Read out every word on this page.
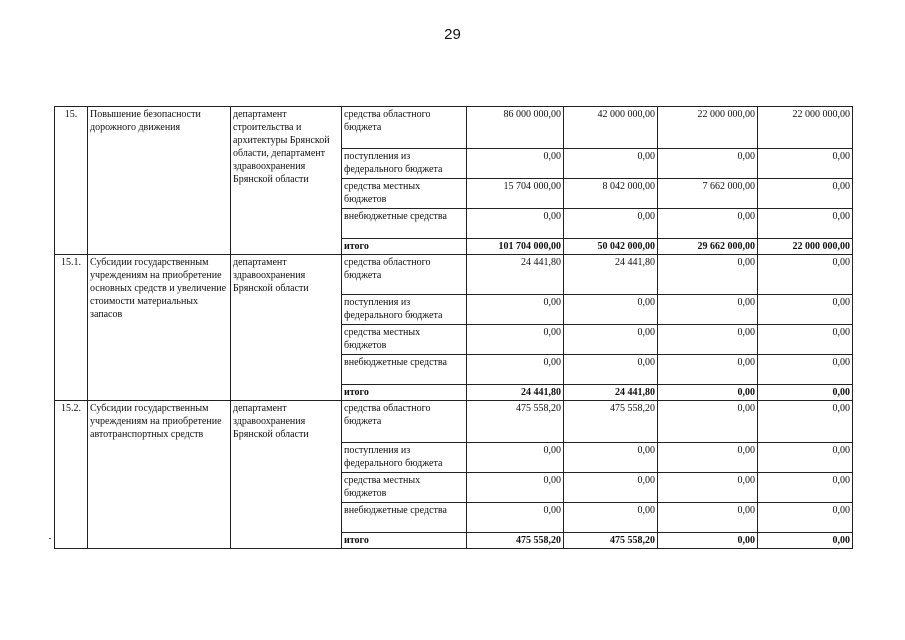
29
15.	Повышение безопасности дорожного движения	департамент строительства и архитектуры Брянской области, департамент здравоохранения Брянской области	средства областного бюджета	86 000 000,00	42 000 000,00	22 000 000,00	22 000 000,00
			поступления из федерального бюджета	0,00	0,00	0,00	0,00
			средства местных бюджетов	15 704 000,00	8 042 000,00	7 662 000,00	0,00
			внебюджетные средства	0,00	0,00	0,00	0,00
			итого	101 704 000,00	50 042 000,00	29 662 000,00	22 000 000,00
15.1.	Субсидии государственным учреждениям на приобретение основных средств и увеличение стоимости материальных запасов	департамент здравоохранения Брянской области	средства областного бюджета	24 441,80	24 441,80	0,00	0,00
			поступления из федерального бюджета	0,00	0,00	0,00	0,00
			средства местных бюджетов	0,00	0,00	0,00	0,00
			внебюджетные средства	0,00	0,00	0,00	0,00
			итого	24 441,80	24 441,80	0,00	0,00
15.2.	Субсидии государственным учреждениям на приобретение автотранспортных средств	департамент здравоохранения Брянской области	средства областного бюджета	475 558,20	475 558,20	0,00	0,00
			поступления из федерального бюджета	0,00	0,00	0,00	0,00
			средства местных бюджетов	0,00	0,00	0,00	0,00
			внебюджетные средства	0,00	0,00	0,00	0,00
			итого	475 558,20	475 558,20	0,00	0,00
